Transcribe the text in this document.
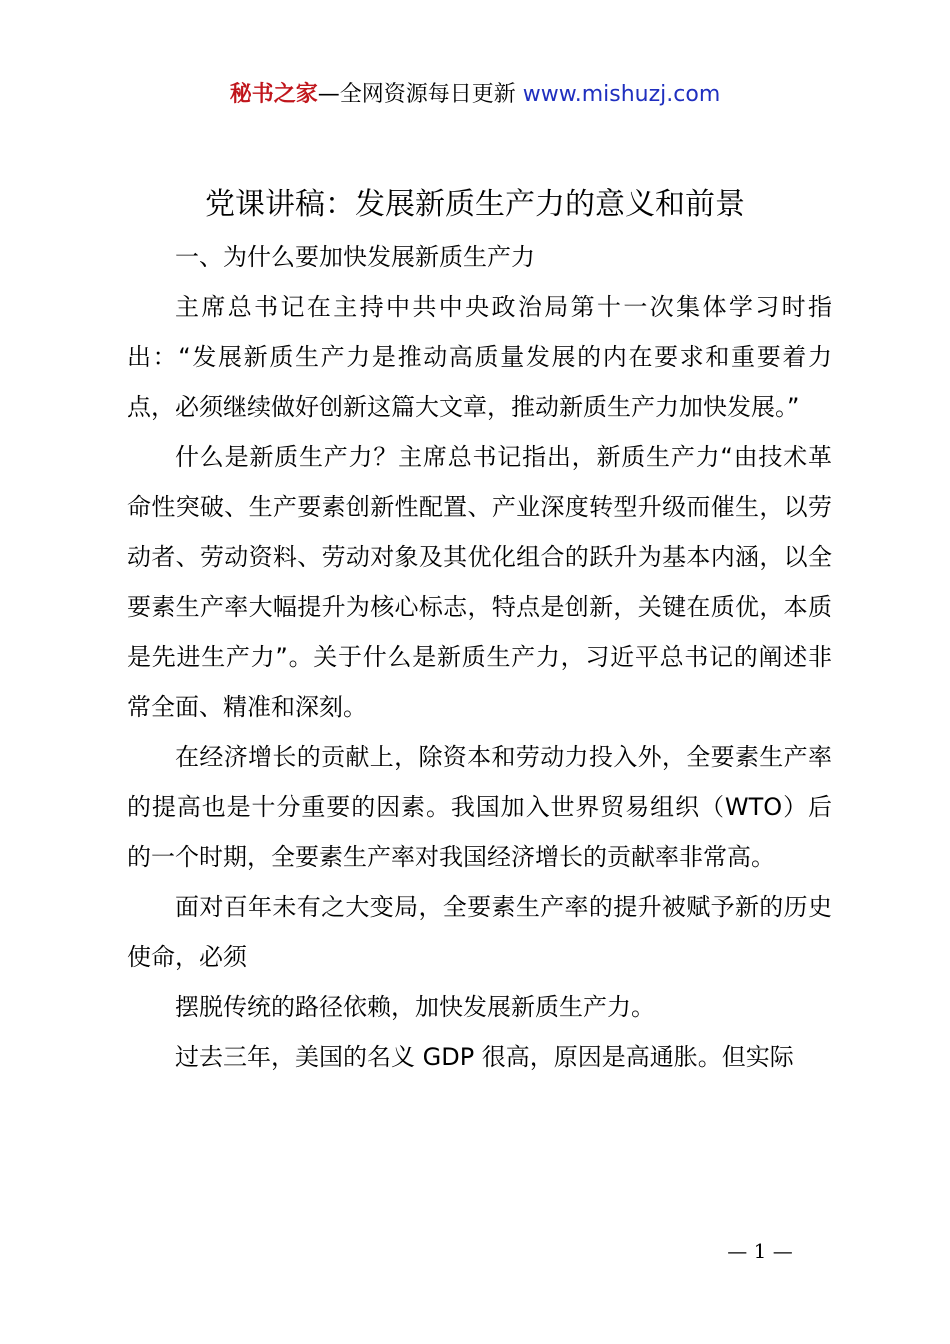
秘书之家—全网资源每日更新 www.mishuzj.com
党课讲稿：发展新质生产力的意义和前景

一、为什么要加快发展新质生产力

主席总书记在主持中共中央政治局第十一次集体学习时指出：“发展新质生产力是推动高质量发展的内在要求和重要着力点，必须继续做好创新这篇大文章，推动新质生产力加快发展。”

什么是新质生产力？主席总书记指出，新质生产力“由技术革命性突破、生产要素创新性配置、产业深度转型升级而催生，以劳动者、劳动资料、劳动对象及其优化组合的跃升为基本内涵，以全要素生产率大幅提升为核心标志，特点是创新，关键在质优，本质是先进生产力”。关于什么是新质生产力，习近平总书记的阐述非常全面、精准和深刻。

在经济增长的贡献上，除资本和劳动力投入外，全要素生产率的提高也是十分重要的因素。我国加入世界贸易组织（WTO）后的一个时期，全要素生产率对我国经济增长的贡献率非常高。

面对百年未有之大变局，全要素生产率的提升被赋予新的历史使命，必须

摆脱传统的路径依赖，加快发展新质生产力。

过去三年，美国的名义 GDP 很高，原因是高通胀。但实际

— 1 —
